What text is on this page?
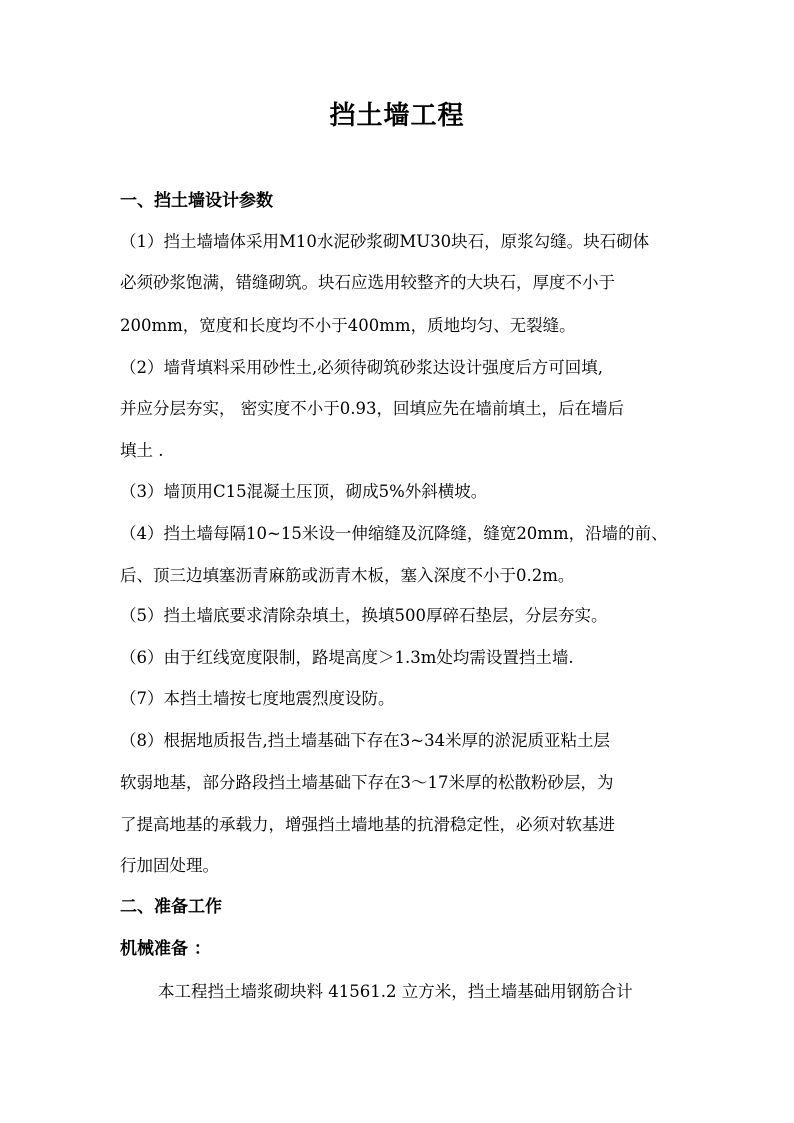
挡土墙工程
一、挡土墙设计参数
（1）挡土墙墙体采用M10水泥砂浆砌MU30块石，原浆勾缝。块石砌体
必须砂浆饱满，错缝砌筑。块石应选用较整齐的大块石，厚度不小于
200mm，宽度和长度均不小于400mm，质地均匀、无裂缝。
（2）墙背填料采用砂性土,必须待砌筑砂浆达设计强度后方可回填,
并应分层夯实， 密实度不小于0.93，回填应先在墙前填土，后在墙后
填土 .
（3）墙顶用C15混凝土压顶，砌成5%外斜横坡。
（4）挡土墙每隔10~15米设一伸缩缝及沉降缝，缝宽20mm，沿墙的前、
后、顶三边填塞沥青麻筋或沥青木板，塞入深度不小于0.2m。
（5）挡土墙底要求清除杂填土，换填500厚碎石垫层，分层夯实。
（6）由于红线宽度限制，路堤高度＞1.3m处均需设置挡土墙.
（7）本挡土墙按七度地震烈度设防。
（8）根据地质报告,挡土墙基础下存在3~34米厚的淤泥质亚粘土层
软弱地基，部分路段挡土墙基础下存在3～17米厚的松散粉砂层，为
了提高地基的承载力，增强挡土墙地基的抗滑稳定性，必须对软基进
行加固处理。
二、准备工作
机械准备 ：
本工程挡土墙浆砌块料 41561.2 立方米，挡土墙基础用钢筋合计
